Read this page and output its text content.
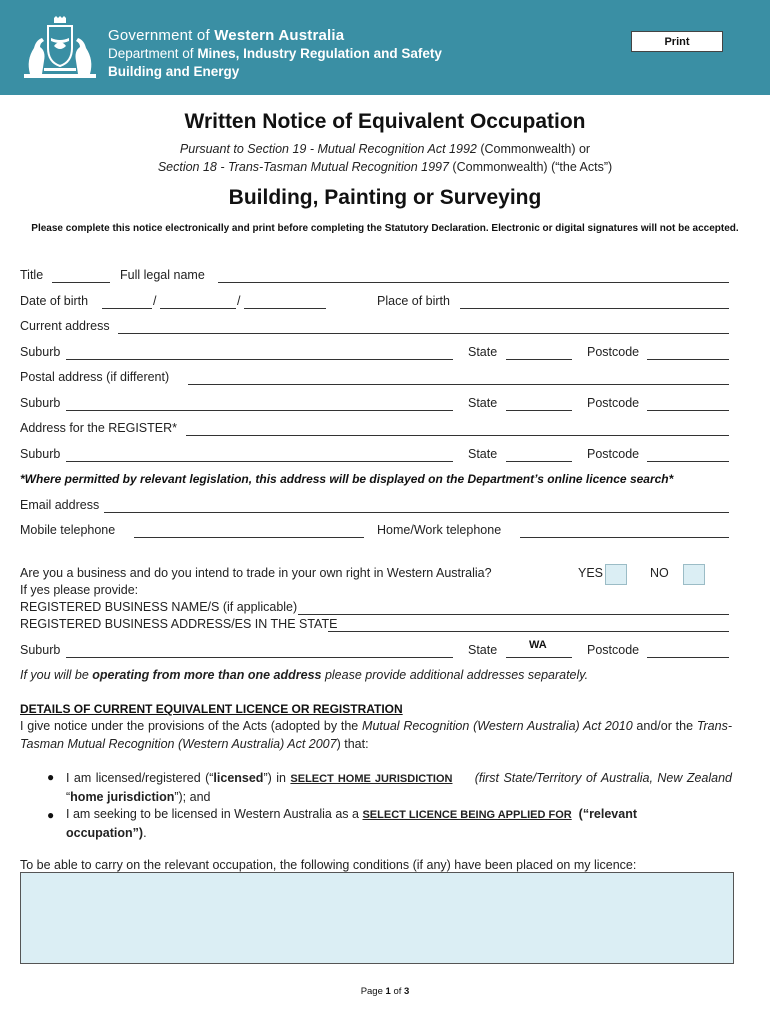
Government of Western Australia
Department of Mines, Industry Regulation and Safety
Building and Energy
Print
Written Notice of Equivalent Occupation
Pursuant to Section 19 - Mutual Recognition Act 1992 (Commonwealth) or
Section 18 - Trans-Tasman Mutual Recognition 1997 (Commonwealth) (“the Acts”)
Building, Painting or Surveying
Please complete this notice electronically and print before completing the Statutory Declaration. Electronic or digital signatures will not be accepted.
Title	Full legal name
Date of birth	/	/	Place of birth
Current address
Suburb	State	Postcode
Postal address (if different)
Suburb	State	Postcode
Address for the REGISTER*
Suburb	State	Postcode
*Where permitted by relevant legislation, this address will be displayed on the Department’s online licence search*
Email address
Mobile telephone	Home/Work telephone
Are you a business and do you intend to trade in your own right in Western Australia?	YES	NO
If yes please provide:
REGISTERED BUSINESS NAME/S (if applicable)
REGISTERED BUSINESS ADDRESS/ES IN THE STATE
Suburb	State	WA	Postcode
If you will be operating from more than one address please provide additional addresses separately.
DETAILS OF CURRENT EQUIVALENT LICENCE OR REGISTRATION
I give notice under the provisions of the Acts (adopted by the Mutual Recognition (Western Australia) Act 2010 and/or the Trans-Tasman Mutual Recognition (Western Australia) Act 2007) that:
● I am licensed/registered (“licensed”) in SELECT HOME JURISDICTION (first State/Territory of Australia, New Zealand “home jurisdiction”); and
● I am seeking to be licensed in Western Australia as a SELECT LICENCE BEING APPLIED FOR (“relevant
occupation”).
To be able to carry on the relevant occupation, the following conditions (if any) have been placed on my licence:
Page 1 of 3
